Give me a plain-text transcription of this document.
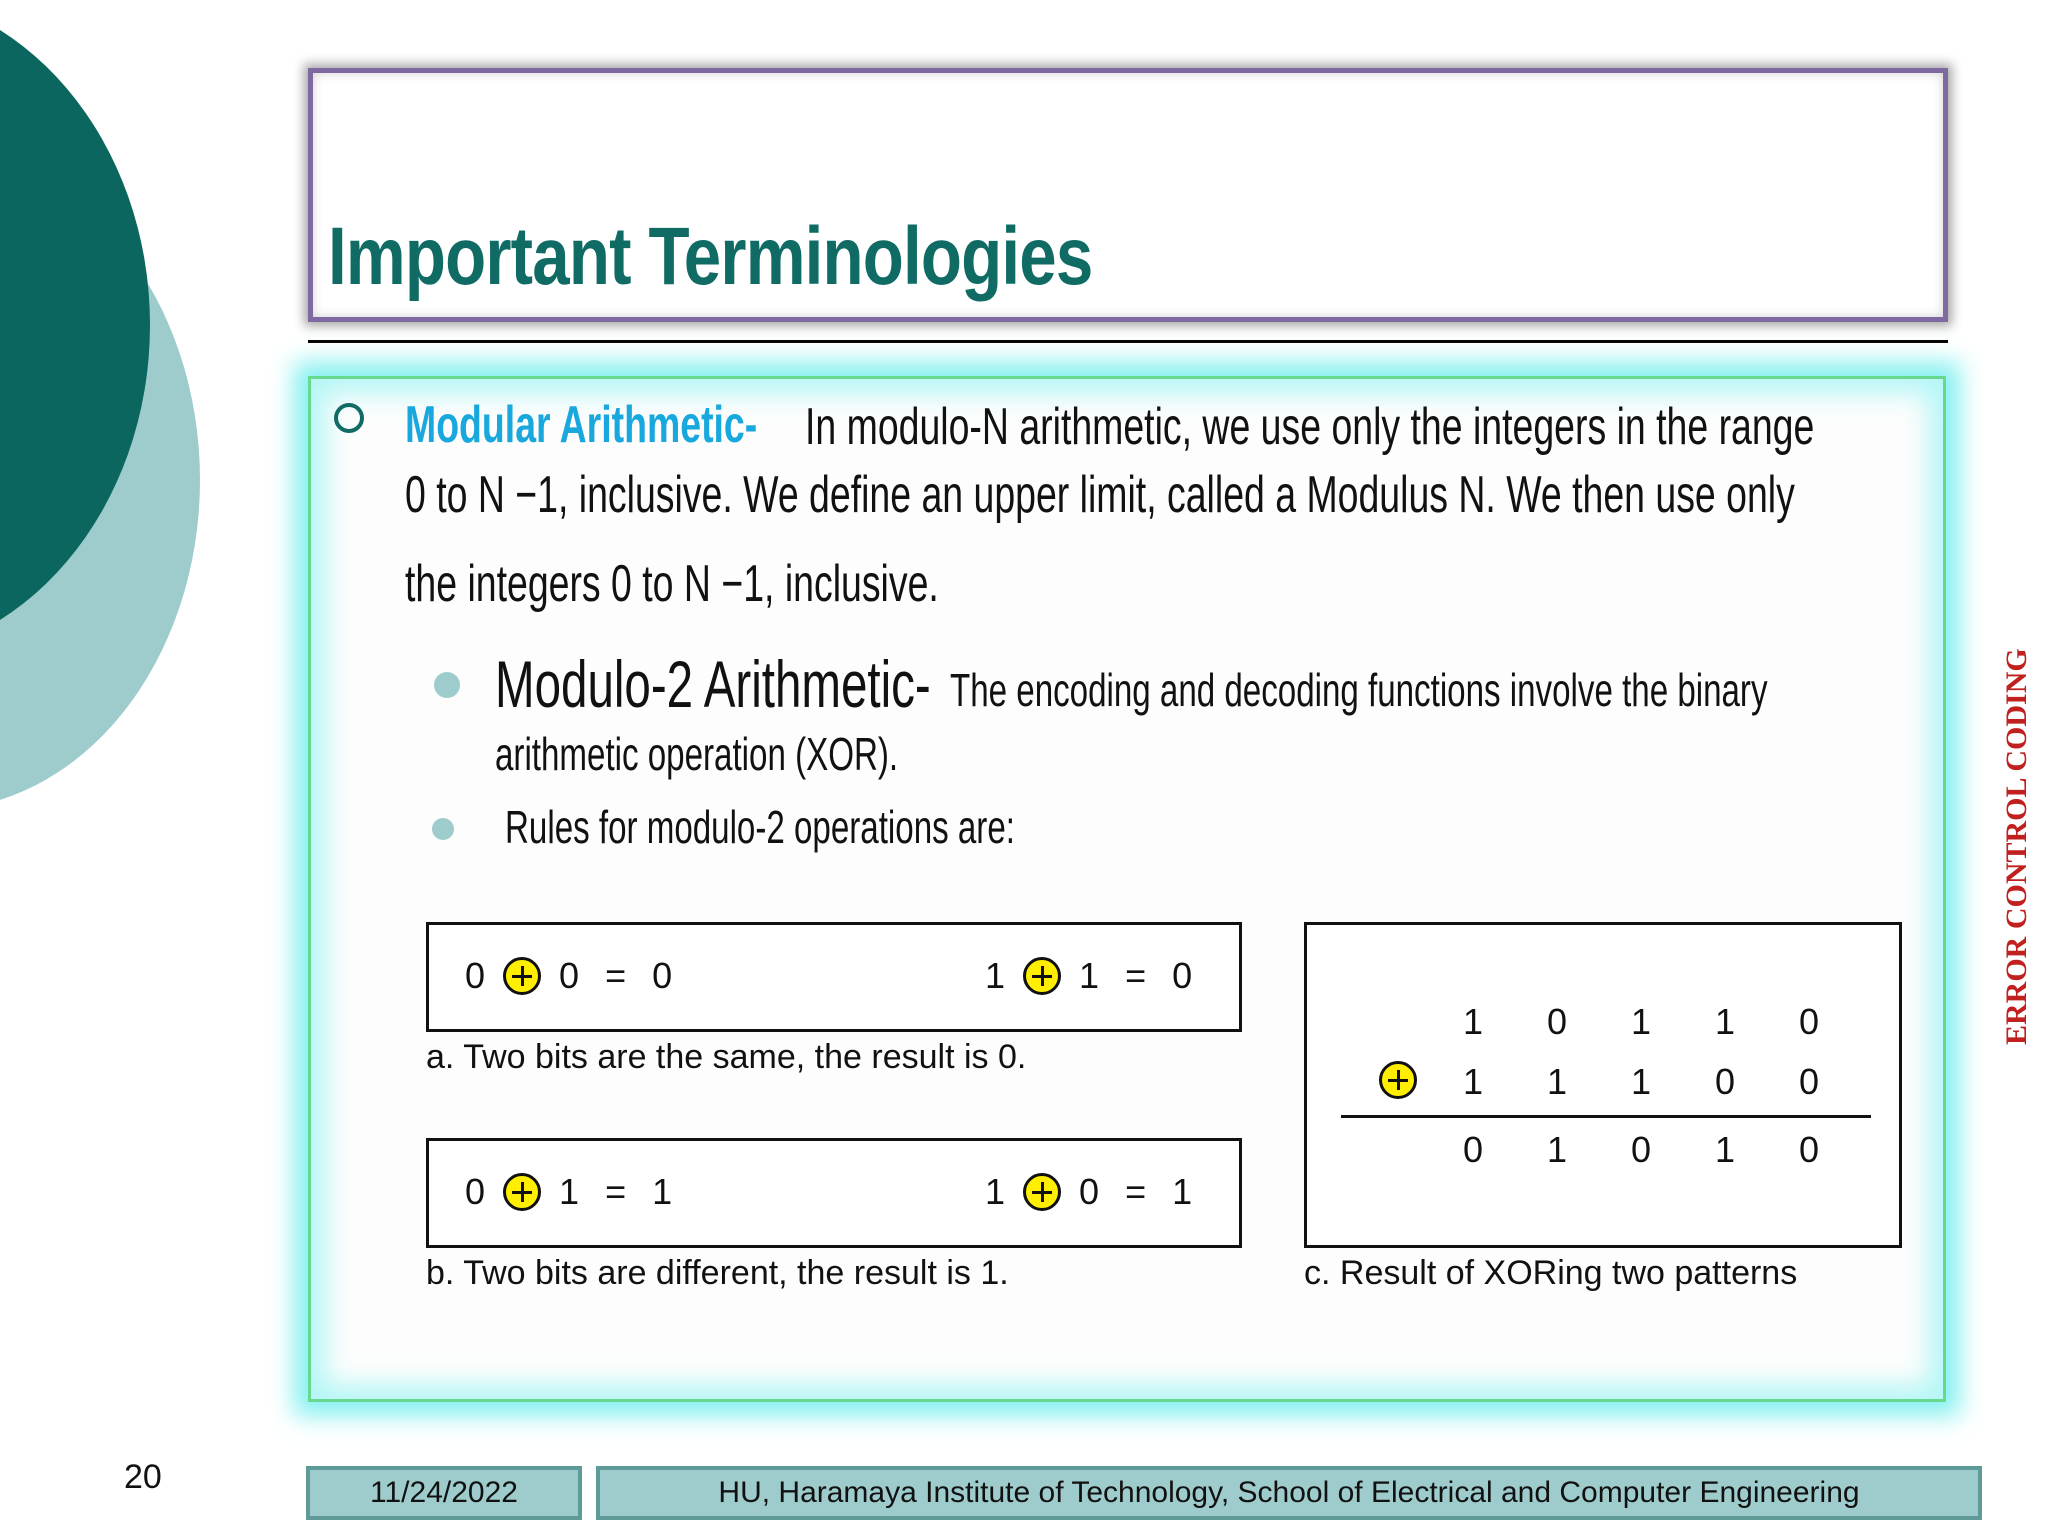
Important Terminologies
Modular Arithmetic- In modulo-N arithmetic, we use only the integers in the range
0 to N −1, inclusive. We define an upper limit, called a Modulus N. We then use only
the integers 0 to N −1, inclusive.
Modulo-2 Arithmetic- The encoding and decoding functions involve the binary
arithmetic operation (XOR).
Rules for modulo-2 operations are:
0 0 = 0	1 1 = 0
a. Two bits are the same, the result is 0.
0 1 = 1	1 0 = 1
b. Two bits are different, the result is 1.
1 0 1 1 0
1 1 1 0 0
0 1 0 1 0
c. Result of XORing two patterns
ERROR CONTROL CODING
20	11/24/2022	HU, Haramaya Institute of Technology, School of Electrical and Computer Engineering
